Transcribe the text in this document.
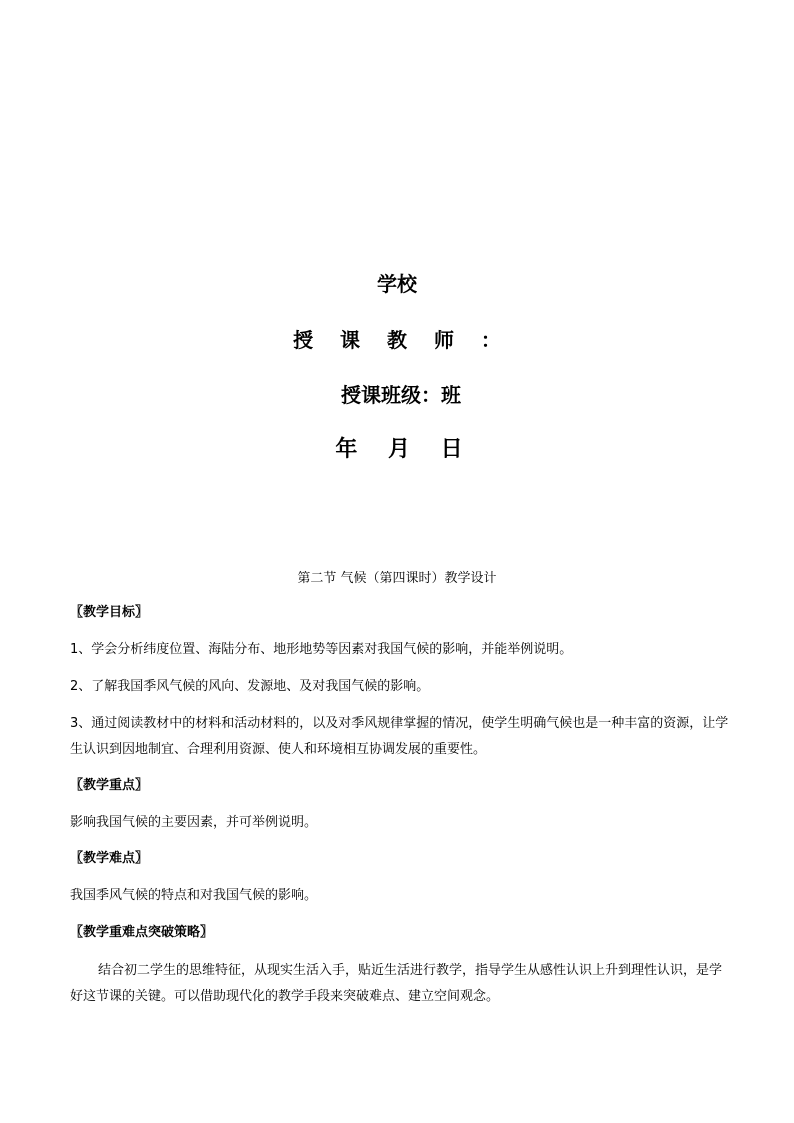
学校
授 课 教 师 ：
授课班级：班
年    月    日
第二节 气候（第四课时）教学设计
〖教学目标〗
1、学会分析纬度位置、海陆分布、地形地势等因素对我国气候的影响，并能举例说明。
2、了解我国季风气候的风向、发源地、及对我国气候的影响。
3、通过阅读教材中的材料和活动材料的，以及对季风规律掌握的情况，使学生明确气候也是一种丰富的资源，让学生认识到因地制宜、合理利用资源、使人和环境相互协调发展的重要性。
〖教学重点〗
影响我国气候的主要因素，并可举例说明。
〖教学难点〗
我国季风气候的特点和对我国气候的影响。
〖教学重难点突破策略〗
结合初二学生的思维特征，从现实生活入手，贴近生活进行教学，指导学生从感性认识上升到理性认识，是学好这节课的关键。可以借助现代化的教学手段来突破难点、建立空间观念。
